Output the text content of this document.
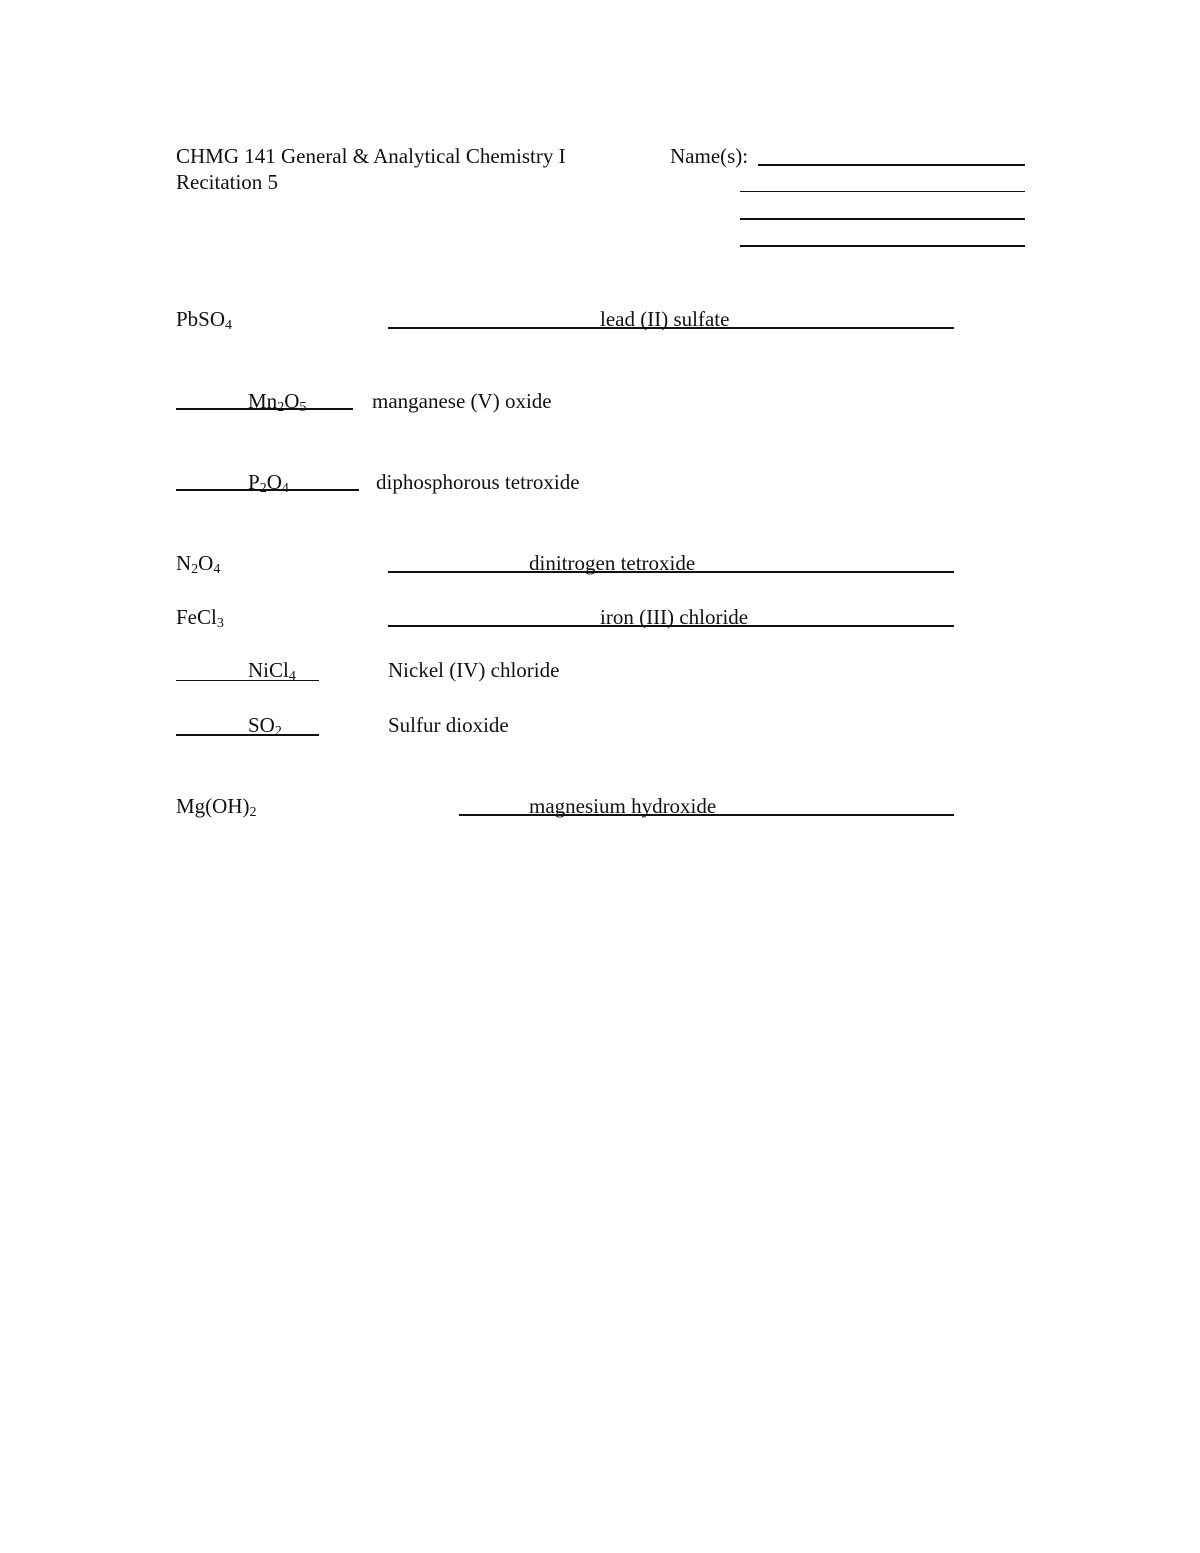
CHMG 141 General & Analytical Chemistry I
Recitation 5
Name(s):
PbSO$_4$	lead (II) sulfate
$Mn_2O_5$	manganese (V) oxide
$P_2O_4$	diphosphorous tetroxide
$N_2O_4$	dinitrogen tetroxide
FeCl$_3$	iron (III) chloride
NiCl$_4$	Nickel (IV) chloride
$SO_2$	Sulfur dioxide
$Mg(OH)_2$	magnesium hydroxide
